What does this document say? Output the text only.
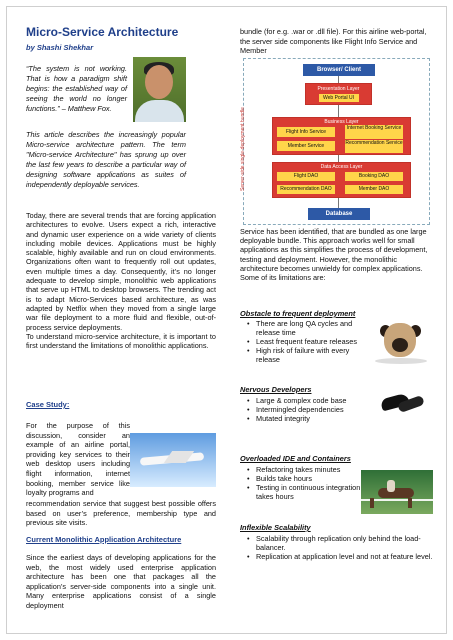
Micro-Service Architecture
by Shashi Shekhar
“The system is not working. That is how a paradigm shift begins: the established way of seeing the world no longer functions.” – Matthew Fox.
This article describes the increasingly popular Micro-service architecture pattern. The term "Micro-service Architecture" has sprung up over the last few years to describe a particular way of designing software applications as suites of independently deployable services.
Today, there are several trends that are forcing application architectures to evolve. Users expect a rich, interactive and dynamic user experience on a wide variety of clients including mobile devices. Applications must be highly scalable, highly available and run on cloud environments. Organizations often want to frequently roll out updates, even multiple times a day. Consequently, it’s no longer adequate to develop simple, monolithic web applications that serve up HTML to desktop browsers. The trending act is to adapt Micro-Services based architecture, as was adapted by Netflix when they moved from a single large war file deployment to a more fluid and flexible, out-of-process service deployments.
To understand micro-service architecture, it is important to first understand the limitations of monolithic applications.
Case Study:
For the purpose of this discussion, consider an example of an airline portal, providing key services to their web desktop users including flight information, internet booking, member service like loyalty programs and
recommendation service that suggest best possible offers based on user’s preference, membership type and previous site visits.
Current Monolithic Application Architecture
Since the earliest days of developing applications for the web, the most widely used enterprise application architecture has been one that packages all the application’s server-side components into a single unit. Many enterprise applications consist of a single deployment
bundle (for e.g. .war or .dll file). For this airline web-portal, the server side components like Flight Info Service and Member
Server-side single-deployment bundle
Browser/ Client
Presentation Layer
Web Portal UI
Business Layer
Flight Info Service
Internet Booking Service
Member Service	Recommendation Service
Data Access Layer
Flight DAO	Booking DAO
Recommendation DAO	Member DAO
Database
Service has been identified, that are bundled as one large deployable bundle. This approach works well for small applications as this simplifies the process of development, testing and deployment. However, the monolithic architecture becomes unwieldy for complex applications. Some of its limitations are:
Obstacle to frequent deployment
• There are long QA cycles and release time
• Least frequent feature releases
• High risk of failure with every release
Nervous Developers
• Large & complex code base
• Intermingled dependencies
• Mutated integrity
Overloaded IDE and Containers
• Refactoring takes minutes
• Builds take hours
• Testing in continuous integration takes hours
Inflexible Scalability
• Scalability through replication only behind the load-balancer.
• Replication at application level and not at feature level.
